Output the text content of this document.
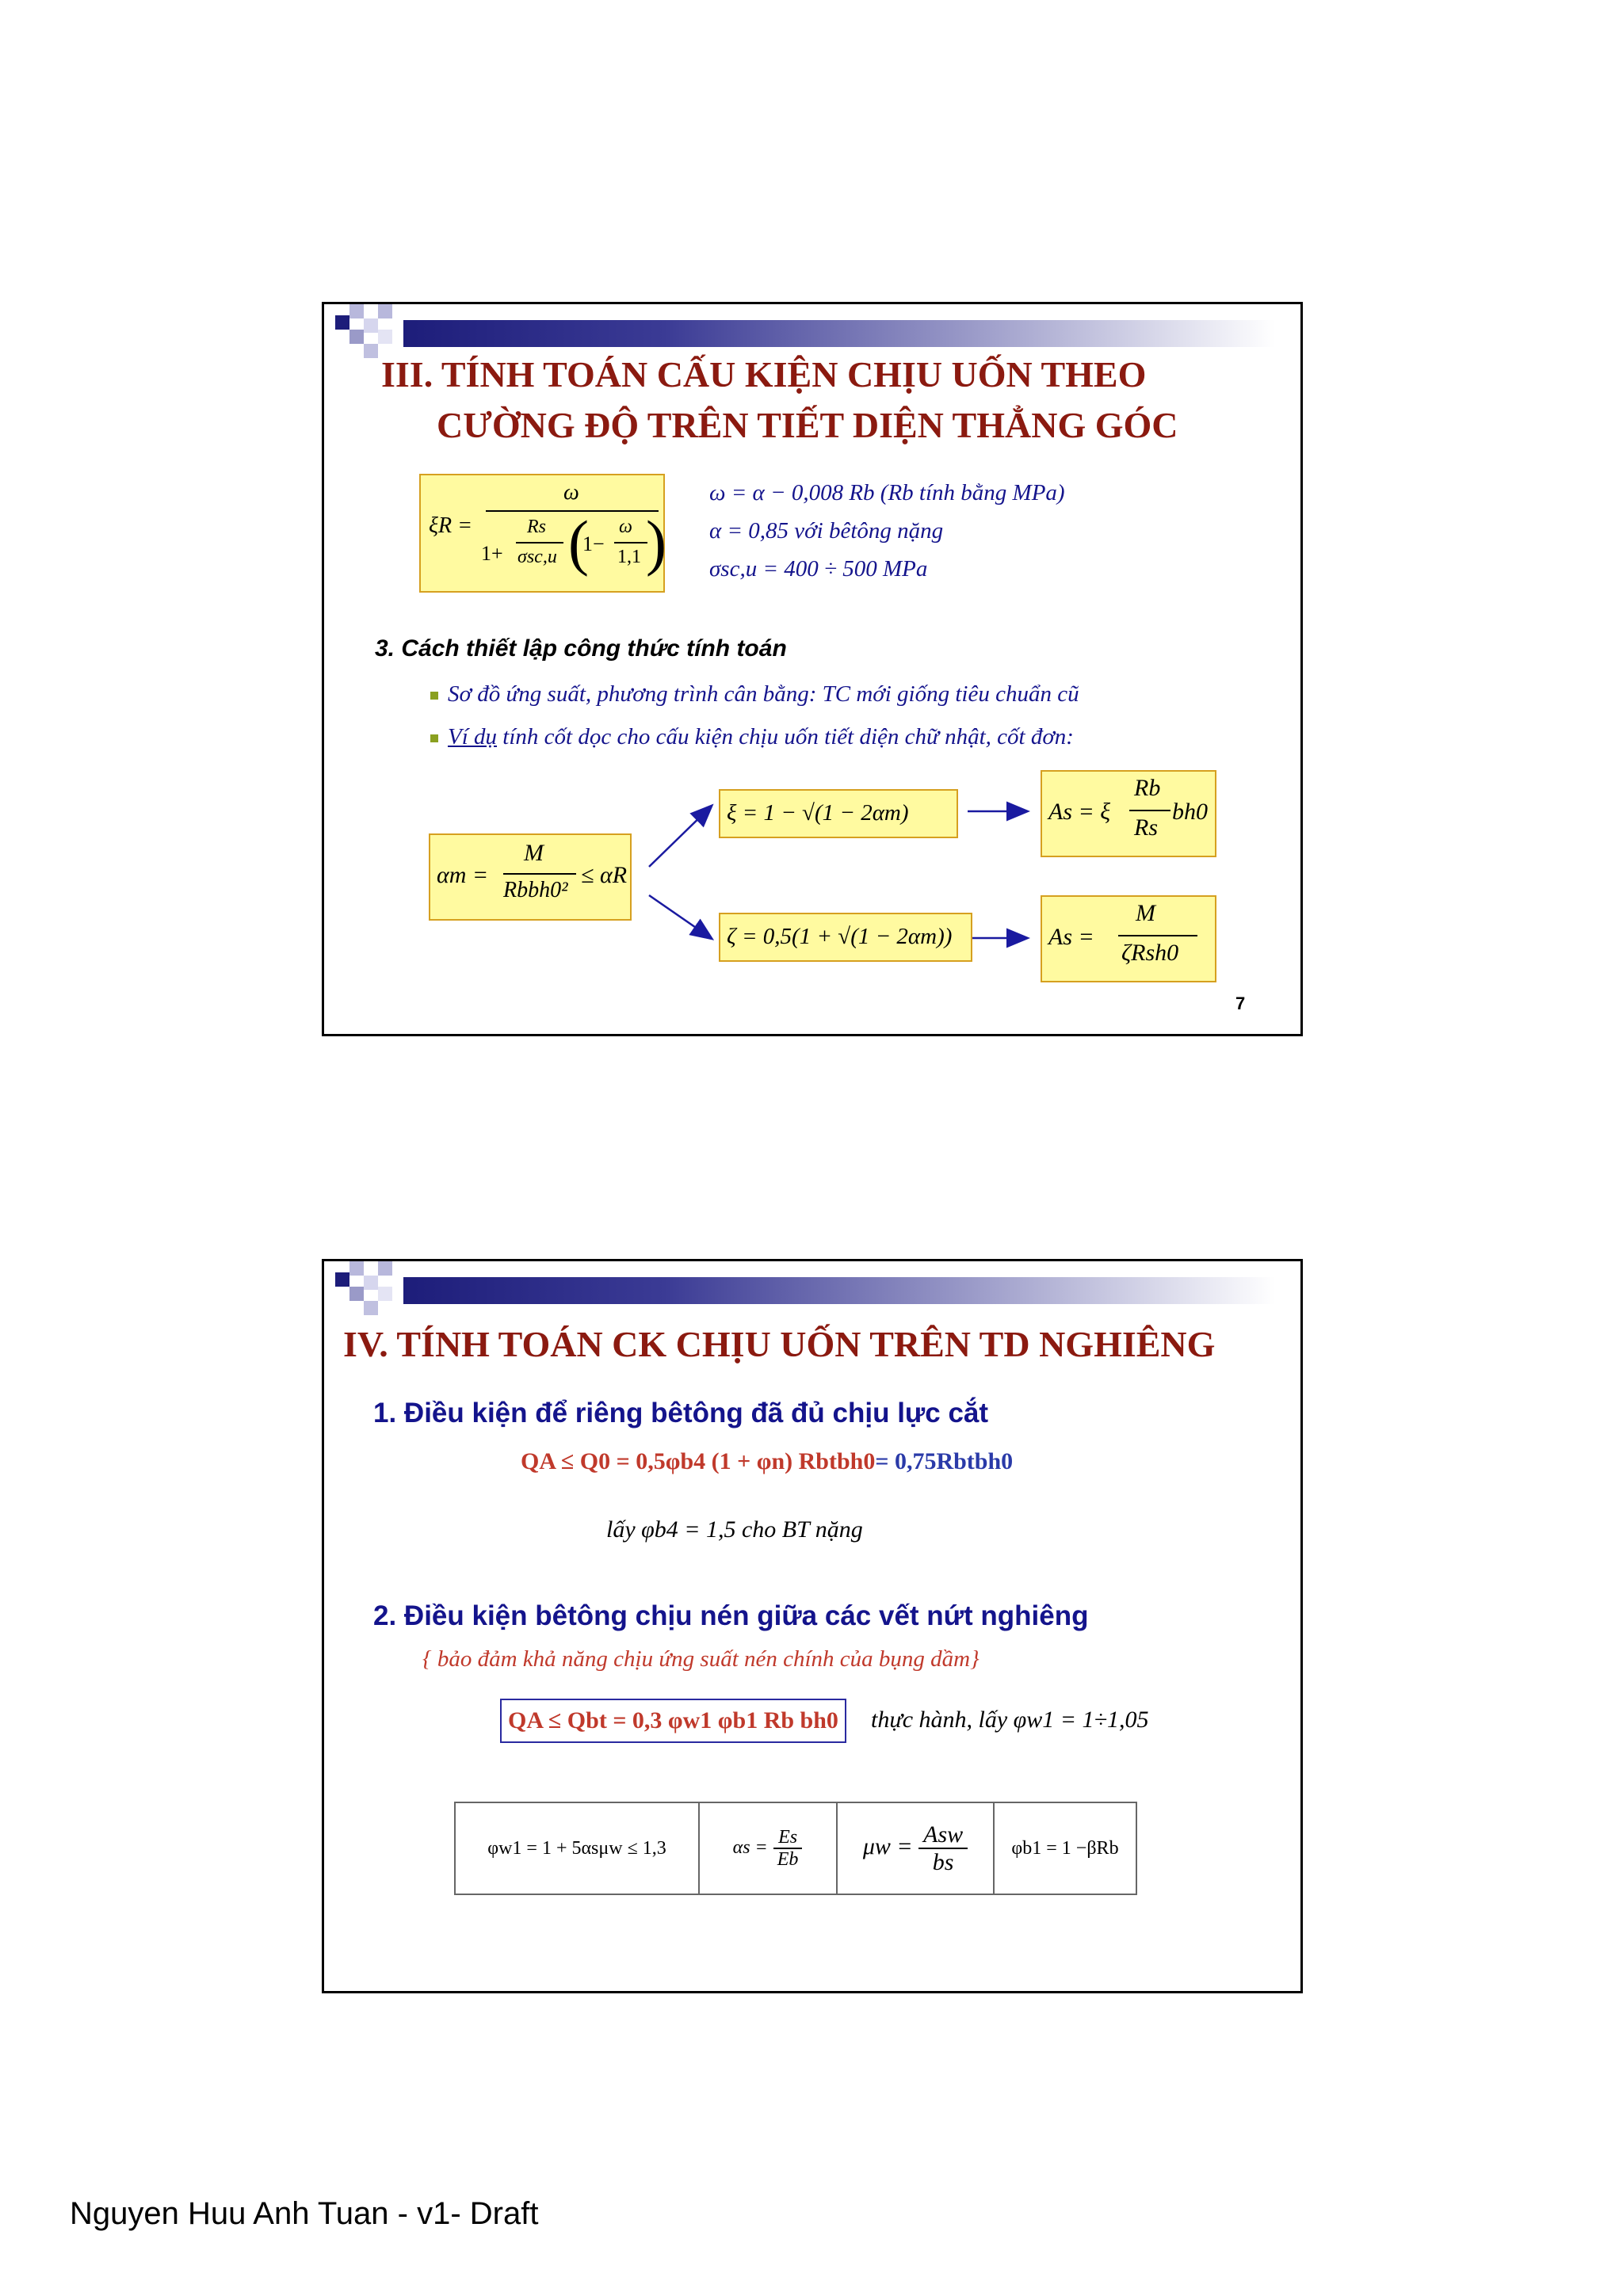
III. TÍNH TOÁN CẤU KIỆN CHỊU UỐN THEO
CƯỜNG ĐỘ TRÊN TIẾT DIỆN THẲNG GÓC
ξR =
ω
1+
Rs
σsc,u (
1−
ω
1,1 )
ω = α − 0,008 Rb (Rb tính bằng MPa)
α = 0,85 với bêtông nặng
σsc,u = 400 ÷ 500 MPa
3. Cách thiết lập công thức tính toán
Sơ đồ ứng suất, phương trình cân bằng: TC mới giống tiêu chuẩn cũ
Ví dụ tính cốt dọc cho cấu kiện chịu uốn tiết diện chữ nhật, cốt đơn:
αm =
M
Rbbh0²
≤ αR
ξ = 1 − √(1 − 2αm)	As = ξ
Rb
Rs
bh0
ζ = 0,5(1 + √(1 − 2αm))	As =
M
ζRsh0
7
IV. TÍNH TOÁN CK CHỊU UỐN TRÊN TD NGHIÊNG
1. Điều kiện để riêng bêtông đã đủ chịu lực cắt
QA ≤ Q0 = 0,5φb4 (1 + φn) Rbtbh0= 0,75Rbtbh0
lấy φb4 = 1,5 cho BT nặng
2. Điều kiện bêtông chịu nén giữa các vết nứt nghiêng
{ bảo đảm khả năng chịu ứng suất nén chính của bụng dầm}
QA ≤ Qbt = 0,3 φw1 φb1 Rb bh0	thực hành, lấy φw1 = 1÷1,05
φw1 = 1 + 5αsμw ≤ 1,3	$\alpha s = \frac{Es}{Eb}$	$\mu w = \frac{\text{Asw}}{bs}$	φb1 = 1 −βRb
Nguyen Huu Anh Tuan - v1- Draft
